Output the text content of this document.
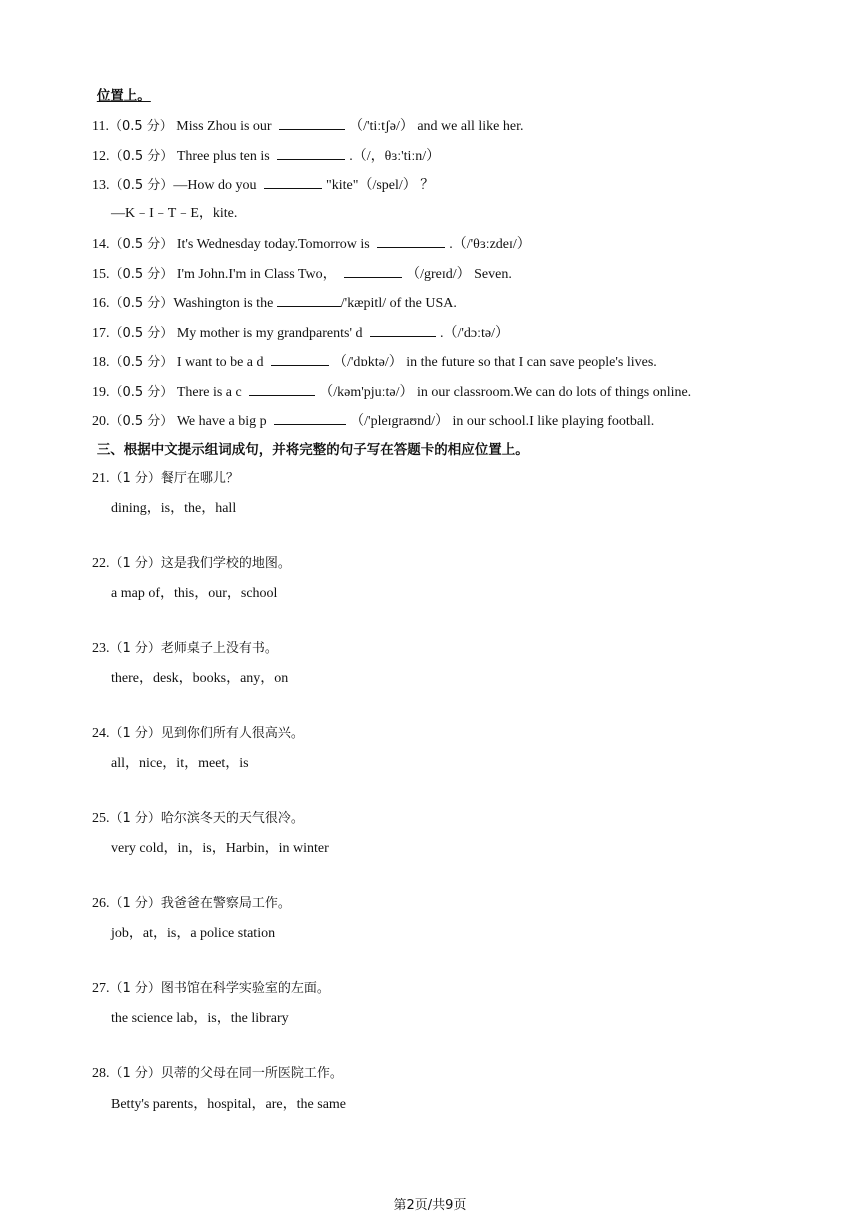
位置上。

11.（0.5 分） Miss Zhou is our	（/'tiːtʃə/） and we all like her.

12.（0.5 分） Three plus ten is	.（/，θɜː'tiːn/）

13.（0.5 分）—How do you	"kite"（/spel/） ？

—K﹣I﹣T﹣E，kite.

14.（0.5 分） It's Wednesday today.Tomorrow is	.（/'θɜːzdeɪ/）

15.（0.5 分） I'm John.I'm in Class Two，	（/greɪd/） Seven.

16.（0.5 分）Washington is the	/'kæpitl/ of the USA.

17.（0.5 分） My mother is my grandparents' d	.（/'dɔːtə/）

18.（0.5 分） I want to be a d	（/'dɒktə/） in the future so that I can save people's lives.

19.（0.5 分） There is a c	（/kəm'pjuːtə/） in our classroom.We can do lots of things online.

20.（0.5 分） We have a big p	（/'pleɪgraʊnd/） in our school.I like playing football.

三、根据中文提示组词成句，并将完整的句子写在答题卡的相应位置上。

21.（1 分）餐厅在哪儿？

dining，is，the，hall

22.（1 分）这是我们学校的地图。

a map of，this，our，school

23.（1 分）老师桌子上没有书。

there，desk，books，any，on

24.（1 分）见到你们所有人很高兴。

all，nice，it，meet，is

25.（1 分）哈尔滨冬天的天气很冷。

very cold，in，is，Harbin，in winter

26.（1 分）我爸爸在警察局工作。

job，at，is，a police station

27.（1 分）图书馆在科学实验室的左面。

the science lab，is，the library

28.（1 分）贝蒂的父母在同一所医院工作。

Betty's parents，hospital，are，the same

第2页/共9页
